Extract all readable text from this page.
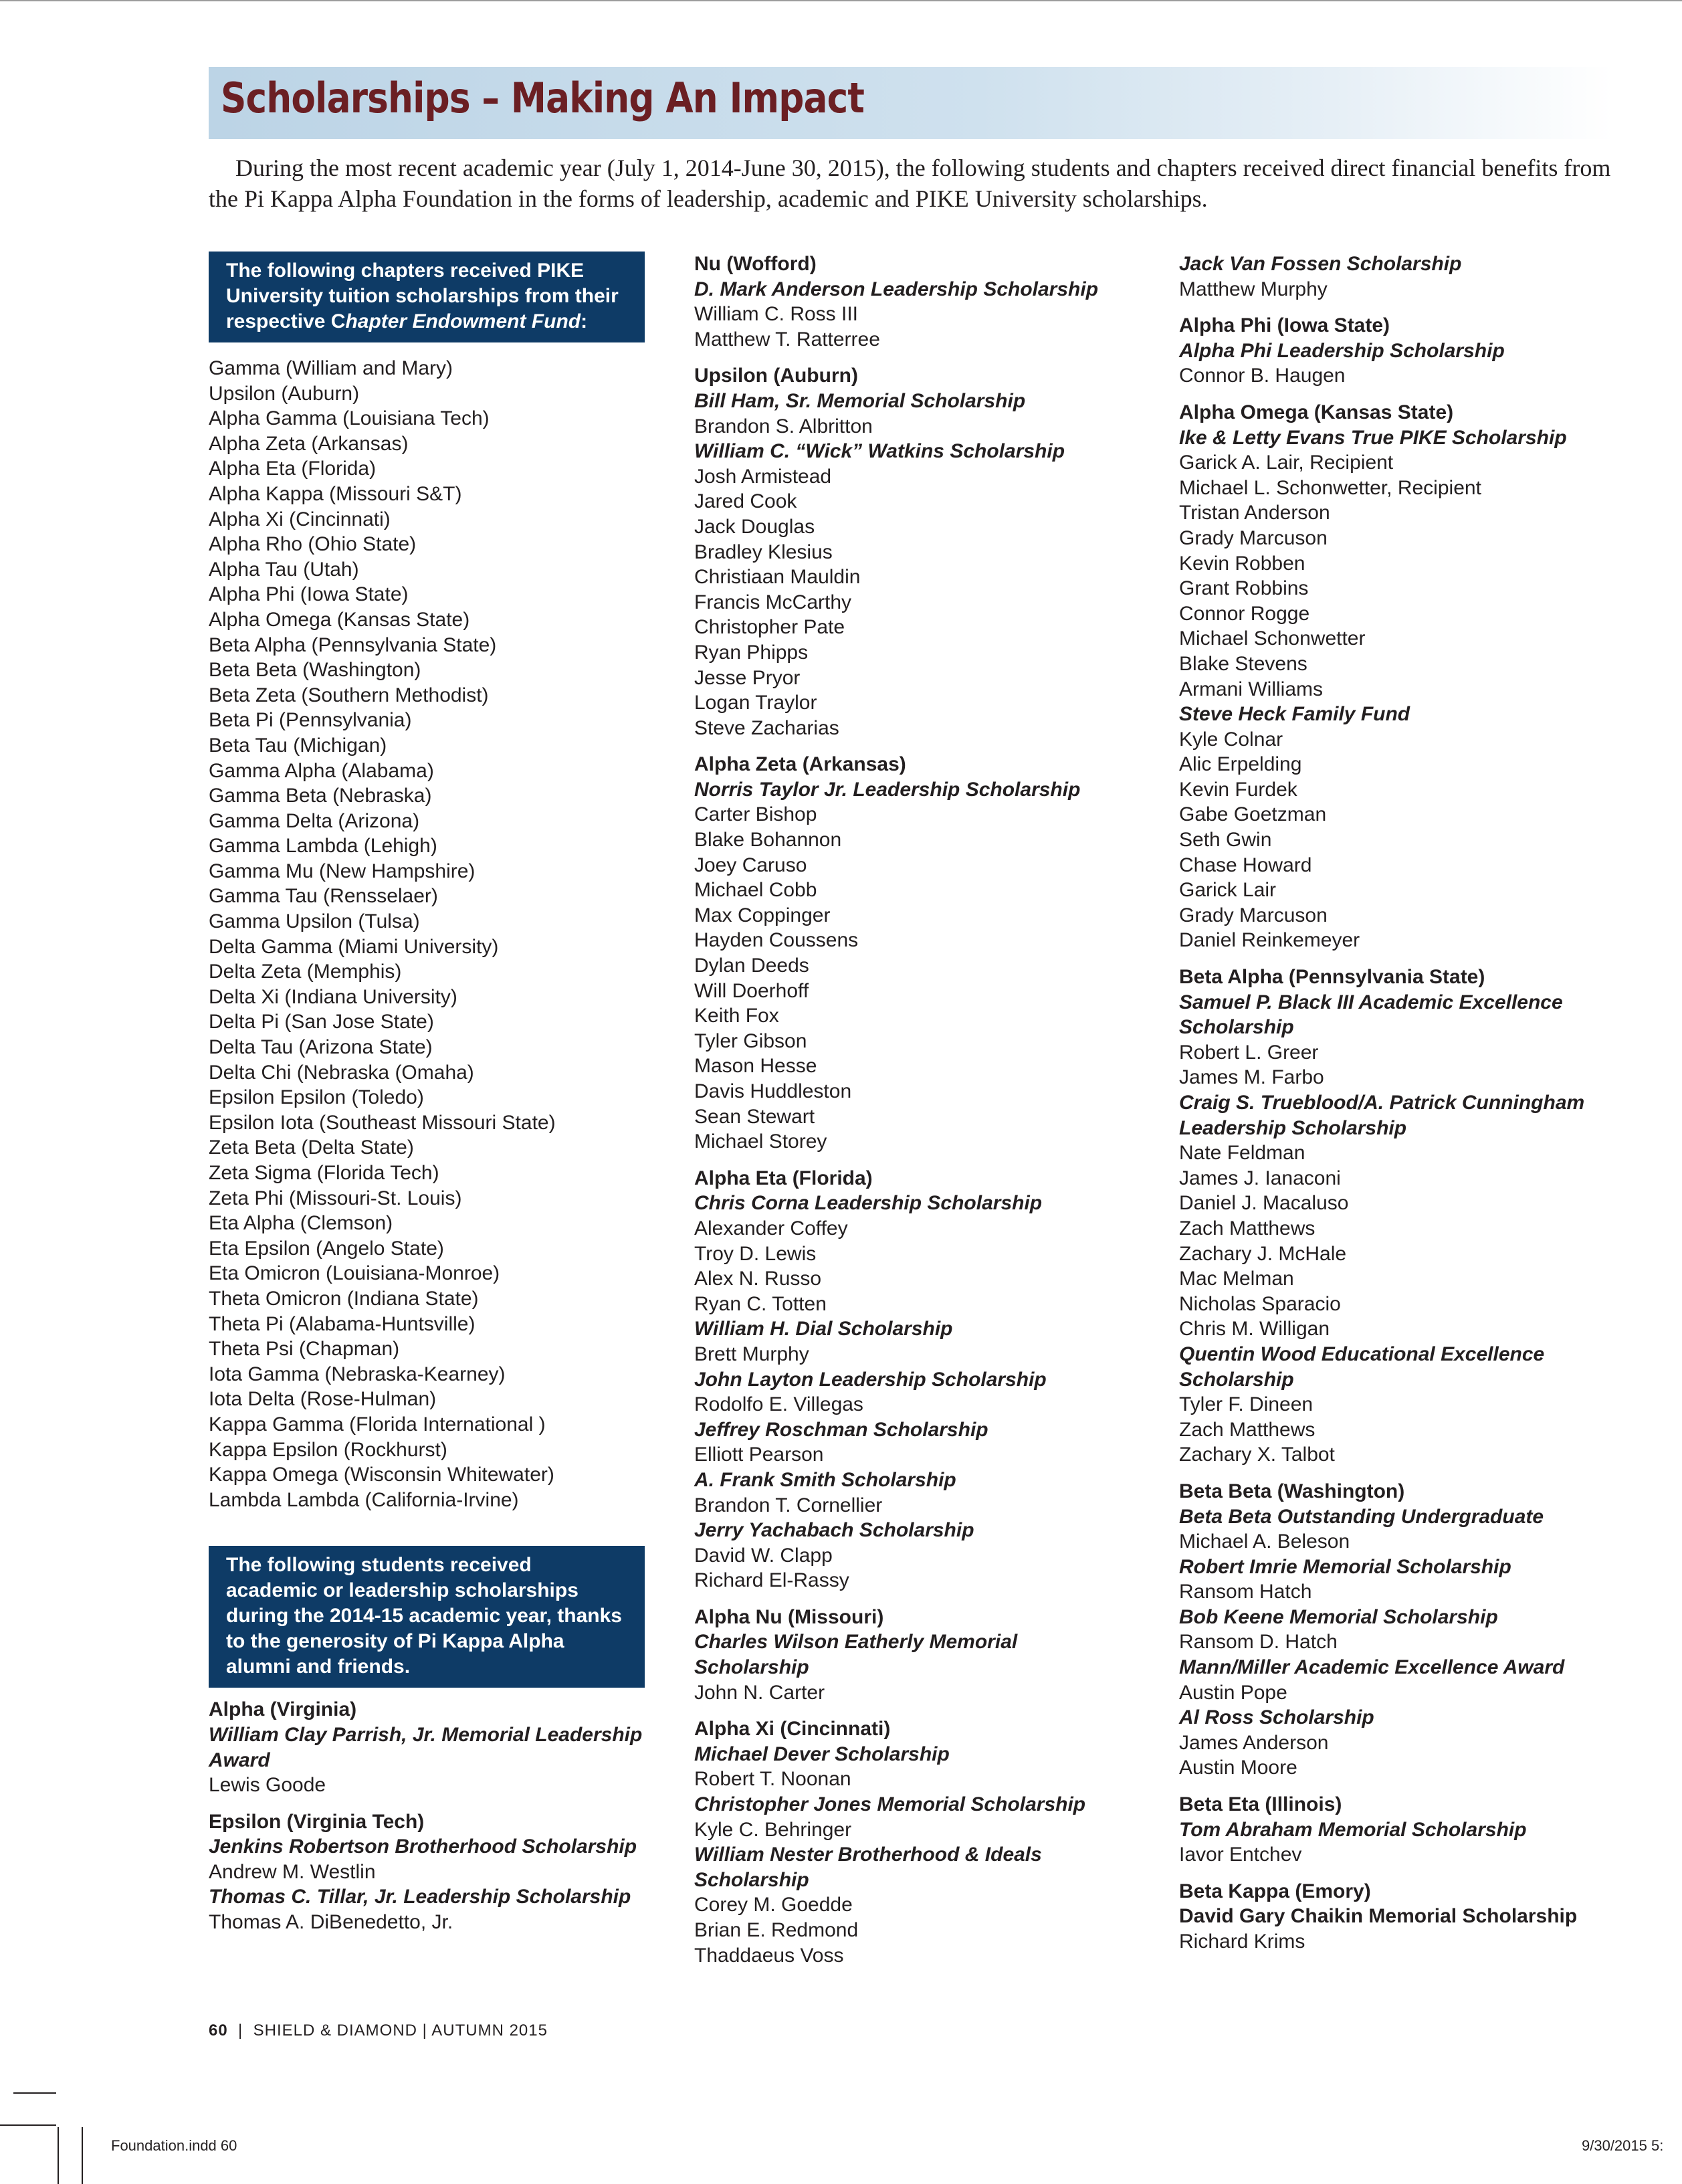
Scholarships – Making An Impact
During the most recent academic year (July 1, 2014-June 30, 2015), the following students and chapters received direct financial benefits from the Pi Kappa Alpha Foundation in the forms of leadership, academic and PIKE University scholarships.
The following chapters received PIKE University tuition scholarships from their respective Chapter Endowment Fund:

Gamma (William and Mary)

Upsilon (Auburn)

Alpha Gamma (Louisiana Tech)

Alpha Zeta (Arkansas)

Alpha Eta (Florida)

Alpha Kappa (Missouri S&T)

Alpha Xi (Cincinnati)

Alpha Rho (Ohio State)

Alpha Tau (Utah)

Alpha Phi (Iowa State)

Alpha Omega (Kansas State)

Beta Alpha (Pennsylvania State)

Beta Beta (Washington)

Beta Zeta (Southern Methodist)

Beta Pi (Pennsylvania)

Beta Tau (Michigan)

Gamma Alpha (Alabama)

Gamma Beta (Nebraska)

Gamma Delta (Arizona)

Gamma Lambda (Lehigh)

Gamma Mu (New Hampshire)

Gamma Tau (Rensselaer)

Gamma Upsilon (Tulsa)

Delta Gamma (Miami University)

Delta Zeta (Memphis)

Delta Xi (Indiana University)

Delta Pi (San Jose State)

Delta Tau (Arizona State)

Delta Chi (Nebraska (Omaha)

Epsilon Epsilon (Toledo)

Epsilon Iota (Southeast Missouri State)

Zeta Beta (Delta State)

Zeta Sigma (Florida Tech)

Zeta Phi (Missouri-St. Louis)

Eta Alpha (Clemson)

Eta Epsilon (Angelo State)

Eta Omicron (Louisiana-Monroe)

Theta Omicron (Indiana State)

Theta Pi (Alabama-Huntsville)

Theta Psi (Chapman)

Iota Gamma (Nebraska-Kearney)

Iota Delta (Rose-Hulman)

Kappa Gamma (Florida International )

Kappa Epsilon (Rockhurst)

Kappa Omega (Wisconsin Whitewater)

Lambda Lambda (California-Irvine)

The following students received academic or leadership scholarships during the 2014-15 academic year, thanks to the generosity of Pi Kappa Alpha alumni and friends.

Alpha (Virginia)

William Clay Parrish, Jr. Memorial Leadership

Award

Lewis Goode

Epsilon (Virginia Tech)

Jenkins Robertson Brotherhood Scholarship

Andrew M. Westlin

Thomas C. Tillar, Jr. Leadership Scholarship

Thomas A. DiBenedetto, Jr.

Nu (Wofford)

D. Mark Anderson Leadership Scholarship

William C. Ross III

Matthew T. Ratterree

Upsilon (Auburn)

Bill Ham, Sr. Memorial Scholarship

Brandon S. Albritton

William C. “Wick” Watkins Scholarship

Josh Armistead

Jared Cook

Jack Douglas

Bradley Klesius

Christiaan Mauldin

Francis McCarthy

Christopher Pate

Ryan Phipps

Jesse Pryor

Logan Traylor

Steve Zacharias

Alpha Zeta (Arkansas)

Norris Taylor Jr. Leadership Scholarship

Carter Bishop

Blake Bohannon

Joey Caruso

Michael Cobb

Max Coppinger

Hayden Coussens

Dylan Deeds

Will Doerhoff

Keith Fox

Tyler Gibson

Mason Hesse

Davis Huddleston

Sean Stewart

Michael Storey

Alpha Eta (Florida)

Chris Corna Leadership Scholarship

Alexander Coffey

Troy D. Lewis

Alex N. Russo

Ryan C. Totten

William H. Dial Scholarship

Brett Murphy

John Layton Leadership Scholarship

Rodolfo E. Villegas

Jeffrey Roschman Scholarship

Elliott Pearson

A. Frank Smith Scholarship

Brandon T. Cornellier

Jerry Yachabach Scholarship

David W. Clapp

Richard El-Rassy

Alpha Nu (Missouri)

Charles Wilson Eatherly Memorial

Scholarship

John N. Carter

Alpha Xi (Cincinnati)

Michael Dever Scholarship

Robert T. Noonan

Christopher Jones Memorial Scholarship

Kyle C. Behringer

William Nester Brotherhood & Ideals

Scholarship

Corey M. Goedde

Brian E. Redmond

Thaddaeus Voss

Jack Van Fossen Scholarship

Matthew Murphy

Alpha Phi (Iowa State)

Alpha Phi Leadership Scholarship

Connor B. Haugen

Alpha Omega (Kansas State)

Ike & Letty Evans True PIKE Scholarship

Garick A. Lair, Recipient

Michael L. Schonwetter, Recipient

Tristan Anderson

Grady Marcuson

Kevin Robben

Grant Robbins

Connor Rogge

Michael Schonwetter

Blake Stevens

Armani Williams

Steve Heck Family Fund

Kyle Colnar

Alic Erpelding

Kevin Furdek

Gabe Goetzman

Seth Gwin

Chase Howard

Garick Lair

Grady Marcuson

Daniel Reinkemeyer

Beta Alpha (Pennsylvania State)

Samuel P. Black III Academic Excellence

Scholarship

Robert L. Greer

James M. Farbo

Craig S. Trueblood/A. Patrick Cunningham

Leadership Scholarship

Nate Feldman

James J. Ianaconi

Daniel J. Macaluso

Zach Matthews

Zachary J. McHale

Mac Melman

Nicholas Sparacio

Chris M. Willigan

Quentin Wood Educational Excellence

Scholarship

Tyler F. Dineen

Zach Matthews

Zachary X. Talbot

Beta Beta (Washington)

Beta Beta Outstanding Undergraduate

Michael A. Beleson

Robert Imrie Memorial Scholarship

Ransom Hatch

Bob Keene Memorial Scholarship

Ransom D. Hatch

Mann/Miller Academic Excellence Award

Austin Pope

Al Ross Scholarship

James Anderson

Austin Moore

Beta Eta (Illinois)

Tom Abraham Memorial Scholarship

Iavor Entchev

Beta Kappa (Emory)

David Gary Chaikin Memorial Scholarship

Richard Krims

60 | SHIELD & DIAMOND | AUTUMN 2015
Foundation.indd 60	9/30/2015 5:
